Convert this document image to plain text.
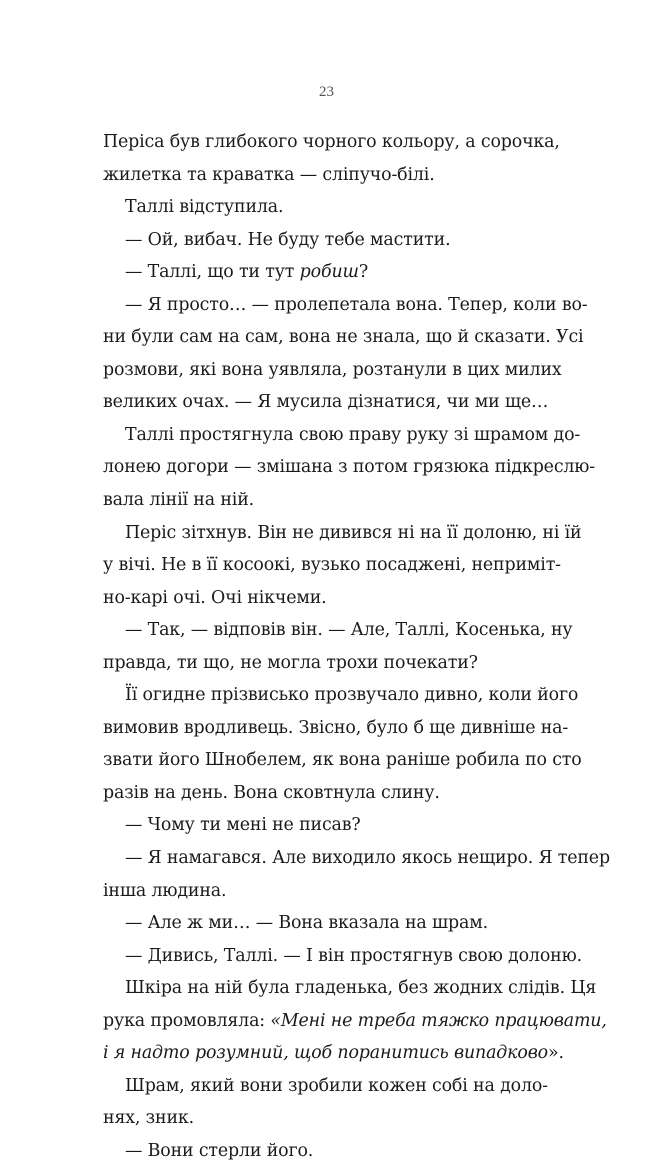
23
Періса був глибокого чорного кольору, а сорочка,
жилетка та краватка — сліпучо-білі.
Таллі відступила.
— Ой, вибач. Не буду тебе мастити.
— Таллі, що ти тут робиш?
— Я просто… — пролепетала вона. Тепер, коли во-
ни були сам на сам, вона не знала, що й сказати. Усі
розмови, які вона уявляла, розтанули в цих милих
великих очах. — Я мусила дізнатися, чи ми ще…
Таллі простягнула свою праву руку зі шрамом до-
лонею догори — змішана з потом грязюка підкреслю-
вала лінії на ній.
Періс зітхнув. Він не дивився ні на її долоню, ні їй
у вічі. Не в її косоокі, вузько посаджені, неприміт-
но-карі очі. Очі нікчеми.
— Так, — відповів він. — Але, Таллі, Косенька, ну
правда, ти що, не могла трохи почекати?
Її огидне прізвисько прозвучало дивно, коли його
вимовив вродливець. Звісно, було б ще дивніше на-
звати його Шнобелем, як вона раніше робила по сто
разів на день. Вона сковтнула слину.
— Чому ти мені не писав?
— Я намагався. Але виходило якось нещиро. Я тепер
інша людина.
— Але ж ми… — Вона вказала на шрам.
— Дивись, Таллі. — І він простягнув свою долоню.
Шкіра на ній була гладенька, без жодних слідів. Ця
рука промовляла: «Мені не треба тяжко працювати,
і я надто розумний, щоб поранитись випадково».
Шрам, який вони зробили кожен собі на доло-
нях, зник.
— Вони стерли його.
